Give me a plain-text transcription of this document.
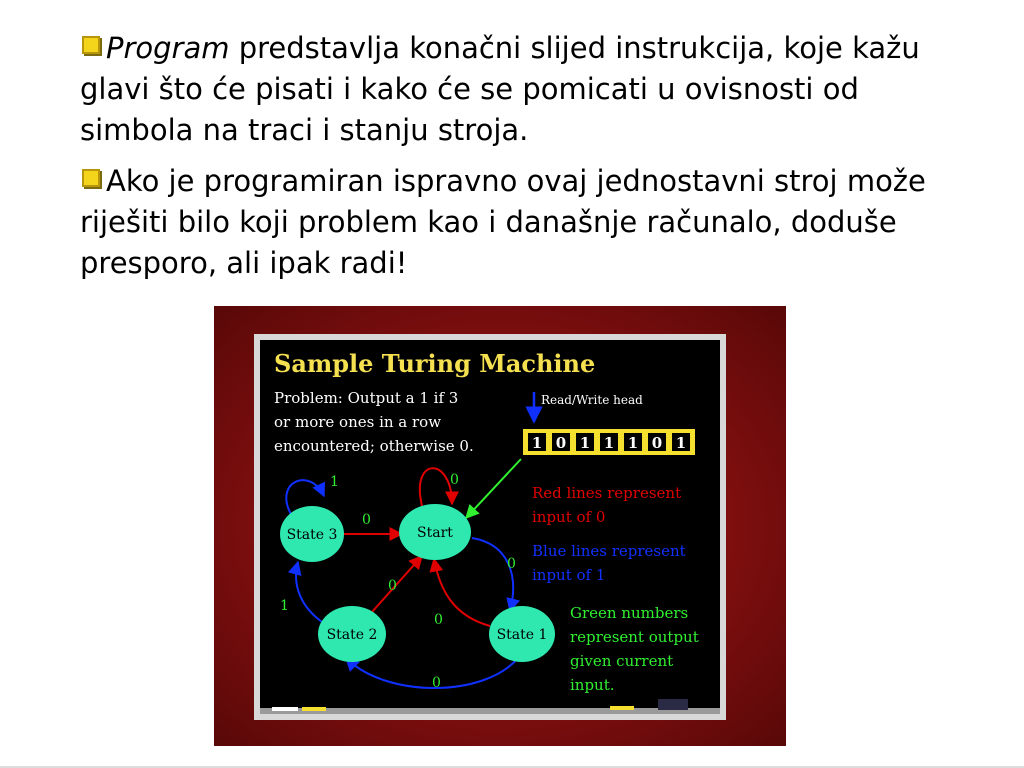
Program predstavlja konačni slijed instrukcija, koje kažu glavi što će pisati i kako će se pomicati u ovisnosti od simbola na traci i stanju stroja.

Ako je programiran ispravno ovaj jednostavni stroj može riješiti bilo koji problem kao i današnje računalo, doduše presporo, ali ipak radi!

Sample Turing Machine
Problem: Output a 1 if 3
or more ones in a row
encountered; otherwise 0.
Read/Write head
1 0 1 1 1 0 1
1
0
0
0
0
0
1
0
State 3	Start
State 2	State 1
Red lines represent
input of 0
Blue lines represent
input of 1
Green numbers
represent output
given current
input.
